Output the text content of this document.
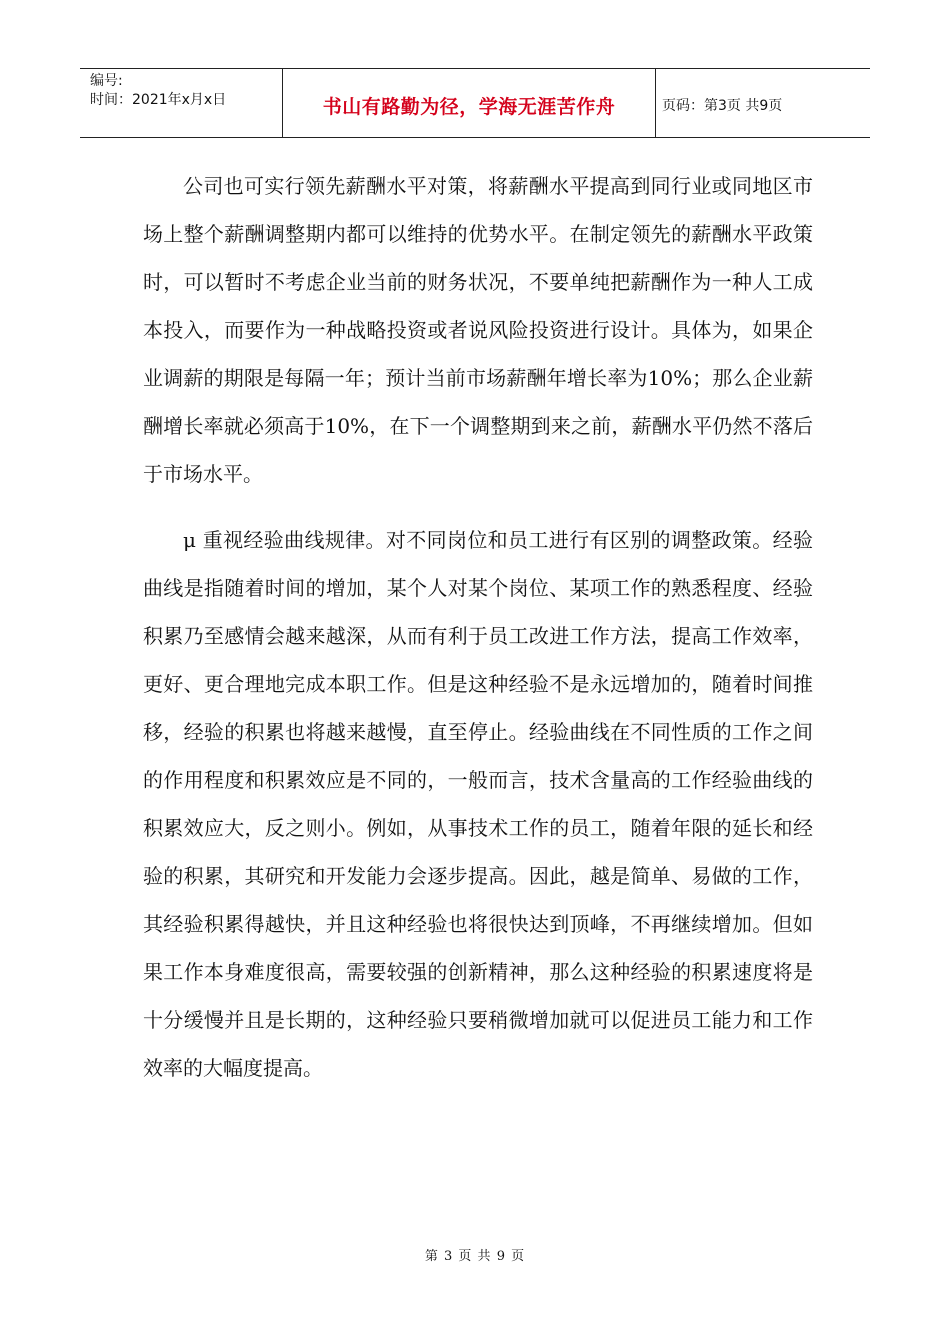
编号:
时间：2021年x月x日	书山有路勤为径，学海无涯苦作舟	页码：第3页 共9页

公司也可实行领先薪酬水平对策，将薪酬水平提高到同行业或同地区市场上整个薪酬调整期内都可以维持的优势水平。在制定领先的薪酬水平政策时，可以暂时不考虑企业当前的财务状况，不要单纯把薪酬作为一种人工成本投入，而要作为一种战略投资或者说风险投资进行设计。具体为，如果企业调薪的期限是每隔一年；预计当前市场薪酬年增长率为10%；那么企业薪酬增长率就必须高于10%，在下一个调整期到来之前，薪酬水平仍然不落后于市场水平。

μ 重视经验曲线规律。对不同岗位和员工进行有区别的调整政策。经验曲线是指随着时间的增加，某个人对某个岗位、某项工作的熟悉程度、经验积累乃至感情会越来越深，从而有利于员工改进工作方法，提高工作效率，更好、更合理地完成本职工作。但是这种经验不是永远增加的，随着时间推移，经验的积累也将越来越慢，直至停止。经验曲线在不同性质的工作之间的作用程度和积累效应是不同的，一般而言，技术含量高的工作经验曲线的积累效应大，反之则小。例如，从事技术工作的员工，随着年限的延长和经验的积累，其研究和开发能力会逐步提高。因此，越是简单、易做的工作，其经验积累得越快，并且这种经验也将很快达到顶峰，不再继续增加。但如果工作本身难度很高，需要较强的创新精神，那么这种经验的积累速度将是十分缓慢并且是长期的，这种经验只要稍微增加就可以促进员工能力和工作效率的大幅度提高。

第 3 页 共 9 页
